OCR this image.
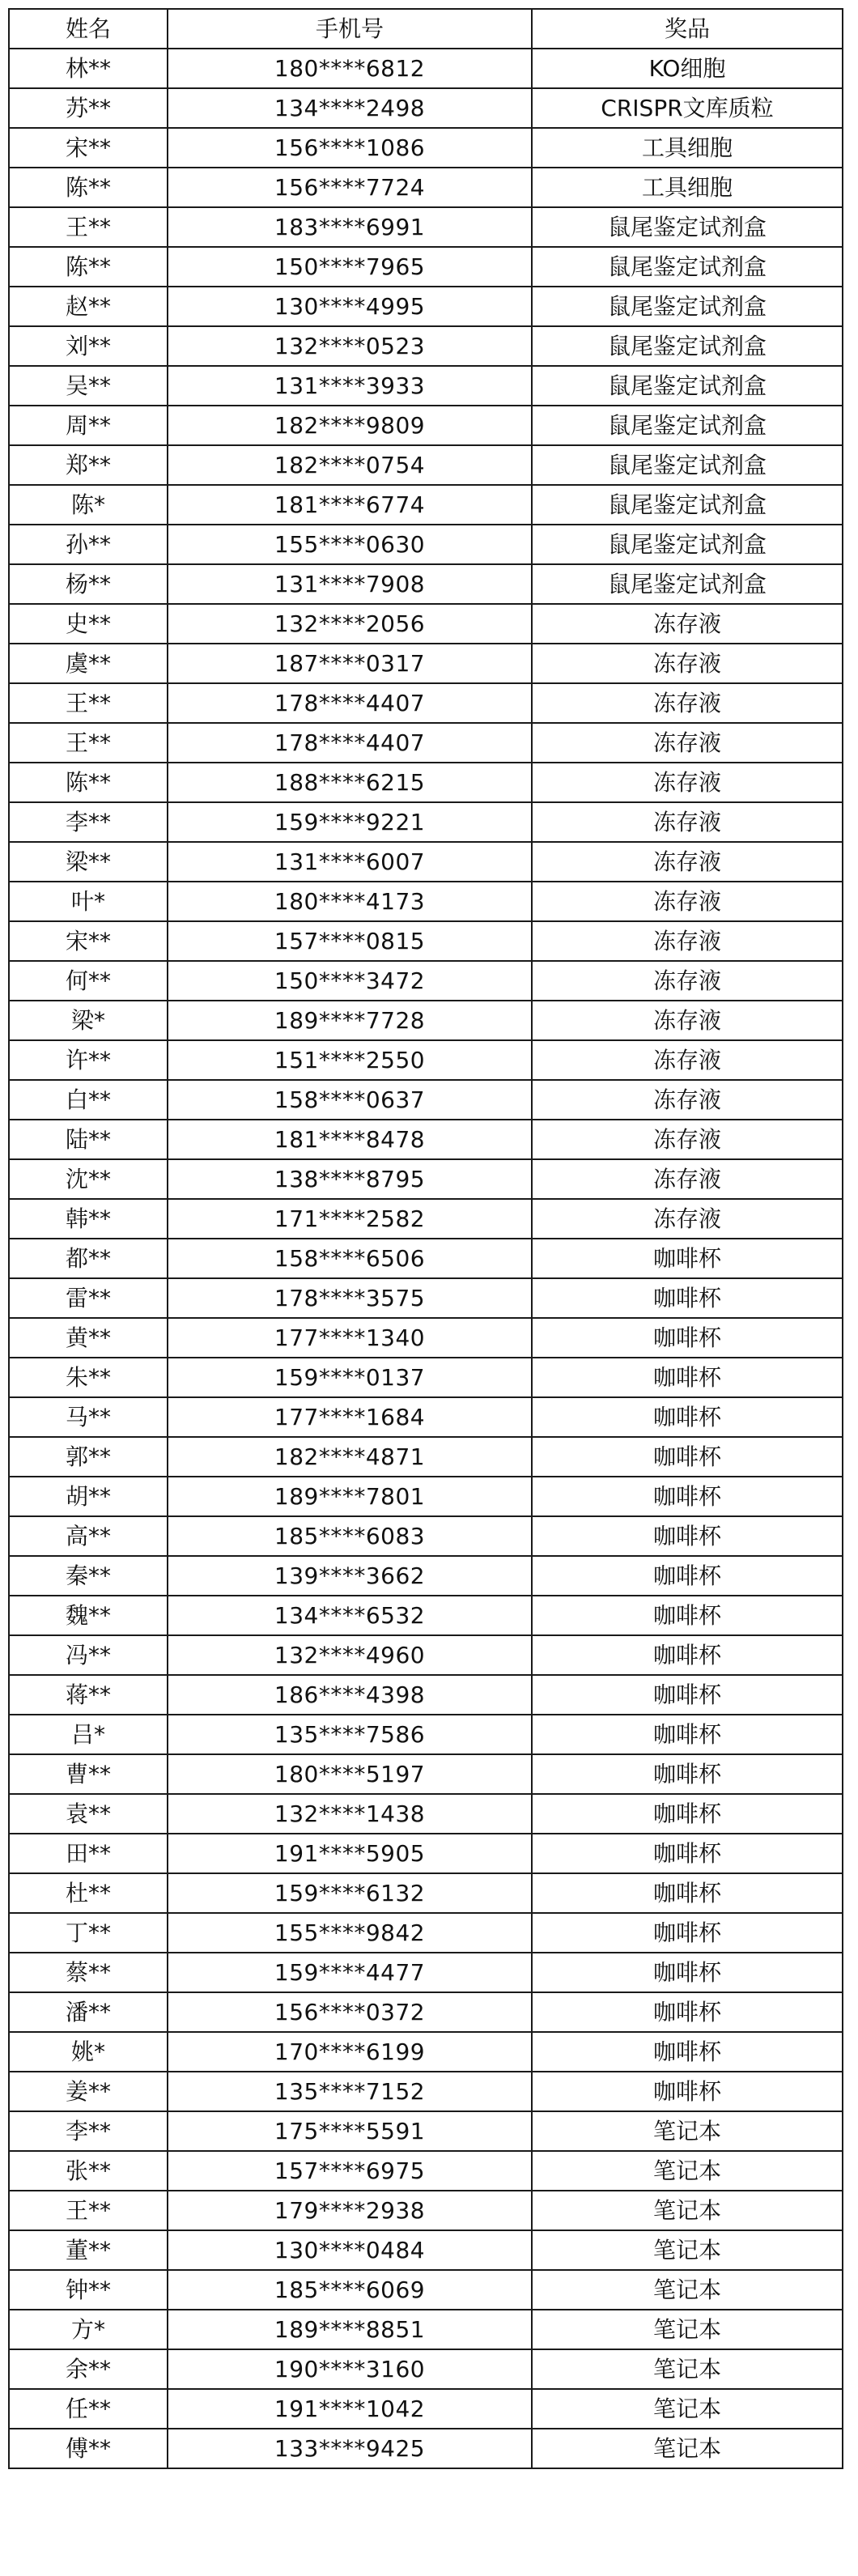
姓名	手机号	奖品
林**	180****6812	KO细胞
苏**	134****2498	CRISPR文库质粒
宋**	156****1086	工具细胞
陈**	156****7724	工具细胞
王**	183****6991	鼠尾鉴定试剂盒
陈**	150****7965	鼠尾鉴定试剂盒
赵**	130****4995	鼠尾鉴定试剂盒
刘**	132****0523	鼠尾鉴定试剂盒
吴**	131****3933	鼠尾鉴定试剂盒
周**	182****9809	鼠尾鉴定试剂盒
郑**	182****0754	鼠尾鉴定试剂盒
陈*	181****6774	鼠尾鉴定试剂盒
孙**	155****0630	鼠尾鉴定试剂盒
杨**	131****7908	鼠尾鉴定试剂盒
史**	132****2056	冻存液
虞**	187****0317	冻存液
王**	178****4407	冻存液
王**	178****4407	冻存液
陈**	188****6215	冻存液
李**	159****9221	冻存液
梁**	131****6007	冻存液
叶*	180****4173	冻存液
宋**	157****0815	冻存液
何**	150****3472	冻存液
梁*	189****7728	冻存液
许**	151****2550	冻存液
白**	158****0637	冻存液
陆**	181****8478	冻存液
沈**	138****8795	冻存液
韩**	171****2582	冻存液
都**	158****6506	咖啡杯
雷**	178****3575	咖啡杯
黄**	177****1340	咖啡杯
朱**	159****0137	咖啡杯
马**	177****1684	咖啡杯
郭**	182****4871	咖啡杯
胡**	189****7801	咖啡杯
高**	185****6083	咖啡杯
秦**	139****3662	咖啡杯
魏**	134****6532	咖啡杯
冯**	132****4960	咖啡杯
蒋**	186****4398	咖啡杯
吕*	135****7586	咖啡杯
曹**	180****5197	咖啡杯
袁**	132****1438	咖啡杯
田**	191****5905	咖啡杯
杜**	159****6132	咖啡杯
丁**	155****9842	咖啡杯
蔡**	159****4477	咖啡杯
潘**	156****0372	咖啡杯
姚*	170****6199	咖啡杯
姜**	135****7152	咖啡杯
李**	175****5591	笔记本
张**	157****6975	笔记本
王**	179****2938	笔记本
董**	130****0484	笔记本
钟**	185****6069	笔记本
方*	189****8851	笔记本
余**	190****3160	笔记本
任**	191****1042	笔记本
傅**	133****9425	笔记本
